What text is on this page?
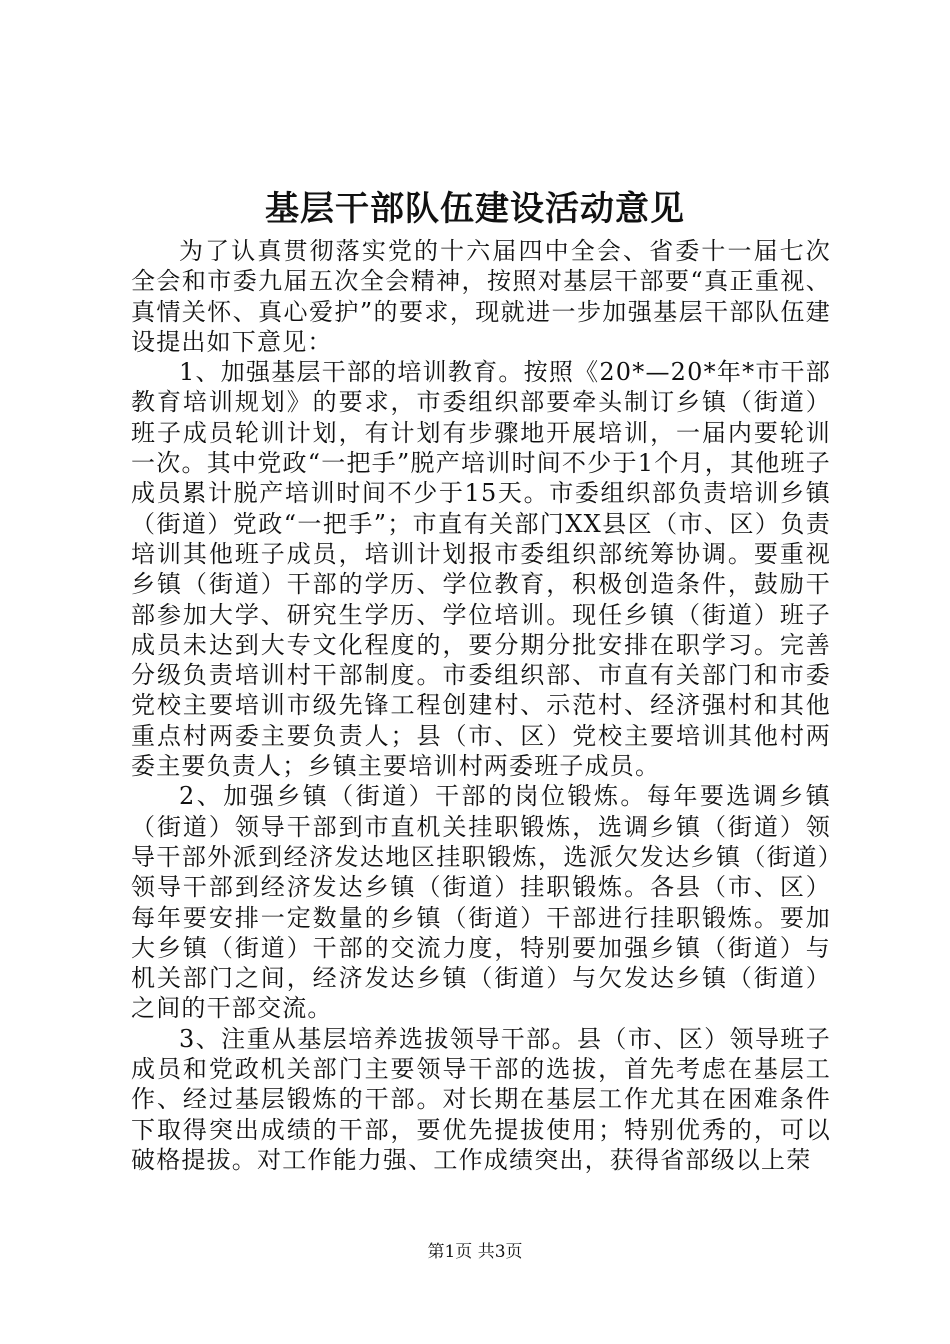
基层干部队伍建设活动意见

为了认真贯彻落实党的十六届四中全会、省委十一届七次全会和市委九届五次全会精神，按照对基层干部要“真正重视、真情关怀、真心爱护”的要求，现就进一步加强基层干部队伍建设提出如下意见：

1、加强基层干部的培训教育。按照《20*—20*年*市干部教育培训规划》的要求，市委组织部要牵头制订乡镇（街道）班子成员轮训计划，有计划有步骤地开展培训，一届内要轮训一次。其中党政“一把手”脱产培训时间不少于1个月，其他班子成员累计脱产培训时间不少于15天。市委组织部负责培训乡镇（街道）党政“一把手”；市直有关部门XX县区（市、区）负责培训其他班子成员，培训计划报市委组织部统筹协调。要重视乡镇（街道）干部的学历、学位教育，积极创造条件，鼓励干部参加大学、研究生学历、学位培训。现任乡镇（街道）班子成员未达到大专文化程度的，要分期分批安排在职学习。完善分级负责培训村干部制度。市委组织部、市直有关部门和市委党校主要培训市级先锋工程创建村、示范村、经济强村和其他重点村两委主要负责人；县（市、区）党校主要培训其他村两委主要负责人；乡镇主要培训村两委班子成员。

2、加强乡镇（街道）干部的岗位锻炼。每年要选调乡镇（街道）领导干部到市直机关挂职锻炼，选调乡镇（街道）领导干部外派到经济发达地区挂职锻炼，选派欠发达乡镇（街道）领导干部到经济发达乡镇（街道）挂职锻炼。各县（市、区）每年要安排一定数量的乡镇（街道）干部进行挂职锻炼。要加大乡镇（街道）干部的交流力度，特别要加强乡镇（街道）与机关部门之间，经济发达乡镇（街道）与欠发达乡镇（街道）之间的干部交流。

3、注重从基层培养选拔领导干部。县（市、区）领导班子成员和党政机关部门主要领导干部的选拔，首先考虑在基层工作、经过基层锻炼的干部。对长期在基层工作尤其在困难条件下取得突出成绩的干部，要优先提拔使用；特别优秀的，可以破格提拔。对工作能力强、工作成绩突出，获得省部级以上荣

第1页 共3页
